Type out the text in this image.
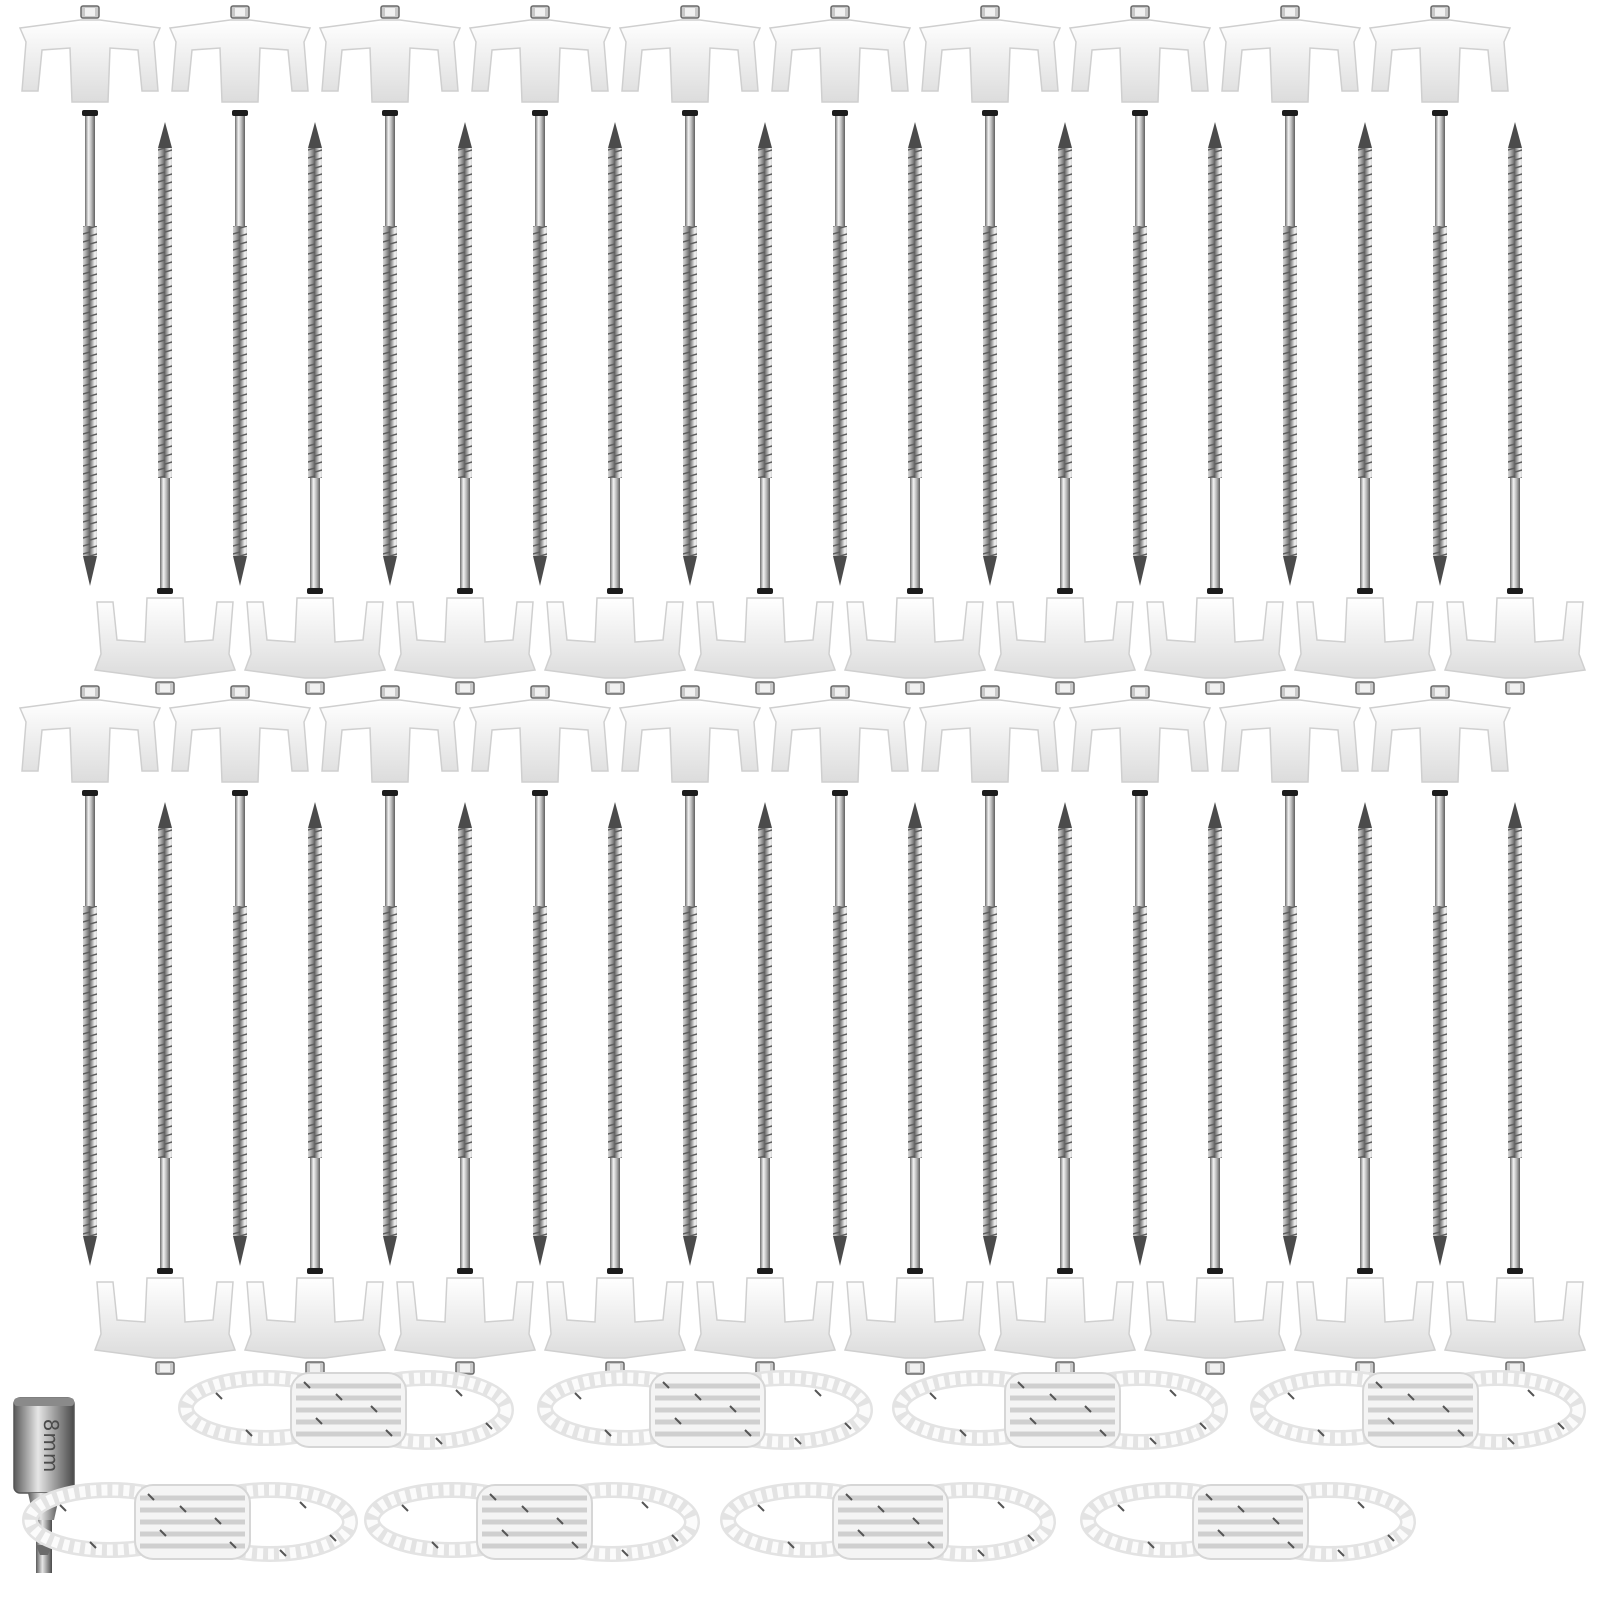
8mm
